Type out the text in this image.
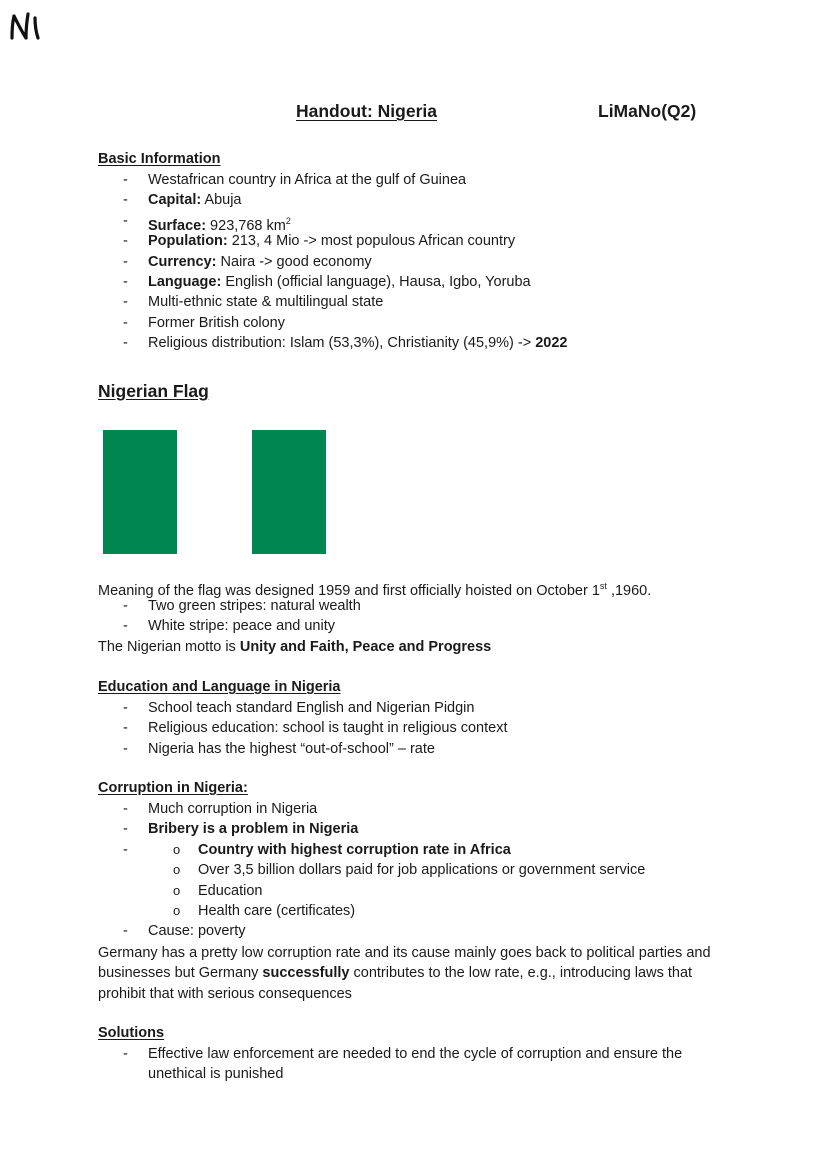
Handout: Nigeria	LiMaNo(Q2)
Basic Information
- Westafrican country in Africa at the gulf of Guinea
- Capital: Abuja
- Surface: 923,768 $km^2$
- Population: 213, 4 Mio -> most populous African country
- Currency: Naira -> good economy
- Language: English (official language), Hausa, Igbo, Yoruba
- Multi-ethnic state & multilingual state
- Former British colony
- Religious distribution: Islam (53,3%), Christianity (45,9%) -> 2022
Nigerian Flag

Meaning of the flag was designed 1959 and first officially hoisted on October 1st ,1960.

- Two green stripes: natural wealth
- White stripe: peace and unity

The Nigerian motto is Unity and Faith, Peace and Progress

Education and Language in Nigeria
- School teach standard English and Nigerian Pidgin
- Religious education: school is taught in religious context
- Nigeria has the highest “out-of-school” – rate
Corruption in Nigeria:
- Much corruption in Nigeria
- Bribery is a problem in Nigeria
o - Country with highest corruption rate in Africa
o Over 3,5 billion dollars paid for job applications or government service
o Education
o Health care (certificates)
- Cause: poverty

Germany has a pretty low corruption rate and its cause mainly goes back to political parties and businesses but Germany successfully contributes to the low rate, e.g., introducing laws that prohibit that with serious consequences

Solutions
- Effective law enforcement are needed to end the cycle of corruption and ensure the unethical is punished
